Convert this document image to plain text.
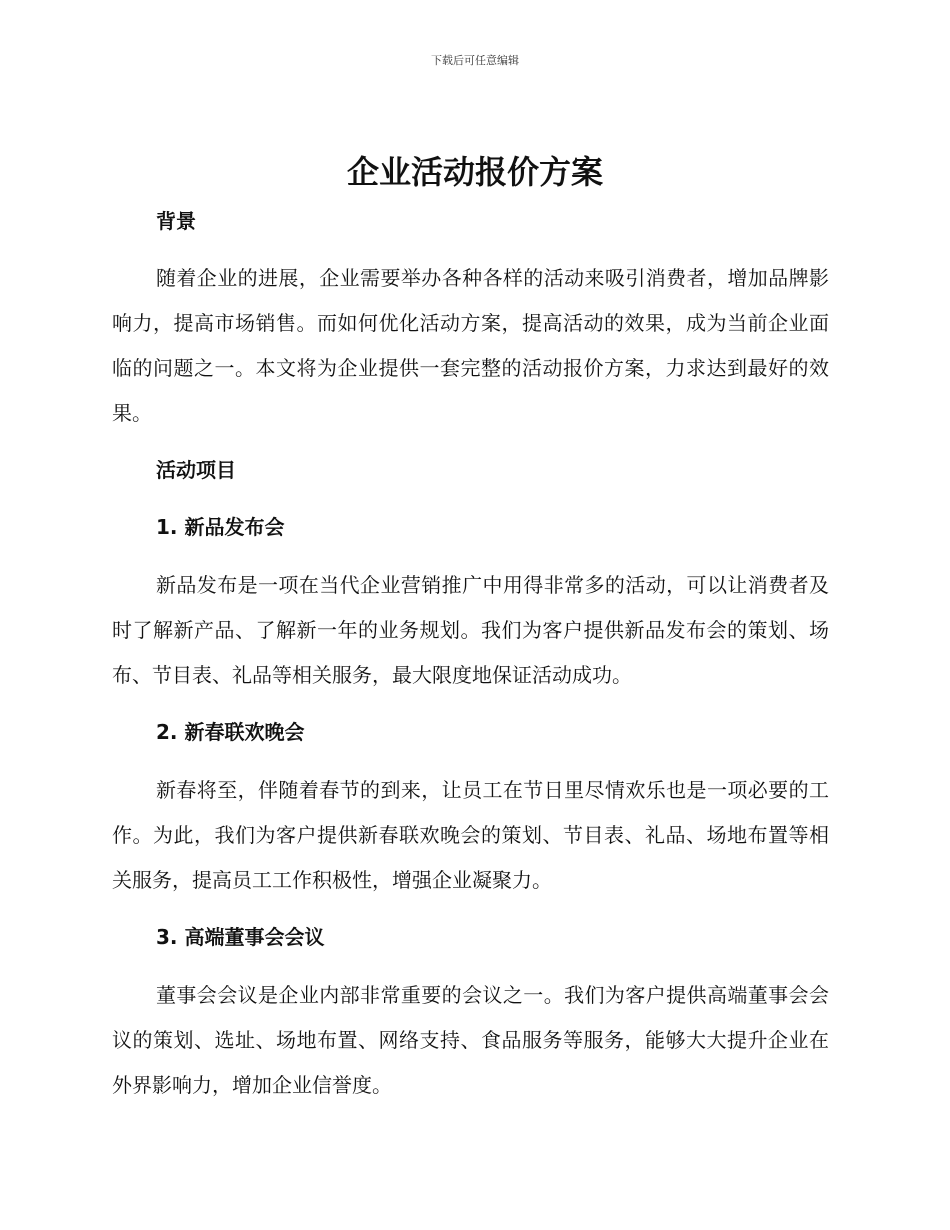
下载后可任意编辑
企业活动报价方案
背景

随着企业的进展，企业需要举办各种各样的活动来吸引消费者，增加品牌影响力，提高市场销售。而如何优化活动方案，提高活动的效果，成为当前企业面临的问题之一。本文将为企业提供一套完整的活动报价方案，力求达到最好的效果。

活动项目
1. 新品发布会

新品发布是一项在当代企业营销推广中用得非常多的活动，可以让消费者及时了解新产品、了解新一年的业务规划。我们为客户提供新品发布会的策划、场布、节目表、礼品等相关服务，最大限度地保证活动成功。

2. 新春联欢晚会

新春将至，伴随着春节的到来，让员工在节日里尽情欢乐也是一项必要的工作。为此，我们为客户提供新春联欢晚会的策划、节目表、礼品、场地布置等相关服务，提高员工工作积极性，增强企业凝聚力。

3. 高端董事会会议

董事会会议是企业内部非常重要的会议之一。我们为客户提供高端董事会会议的策划、选址、场地布置、网络支持、食品服务等服务，能够大大提升企业在外界影响力，增加企业信誉度。
